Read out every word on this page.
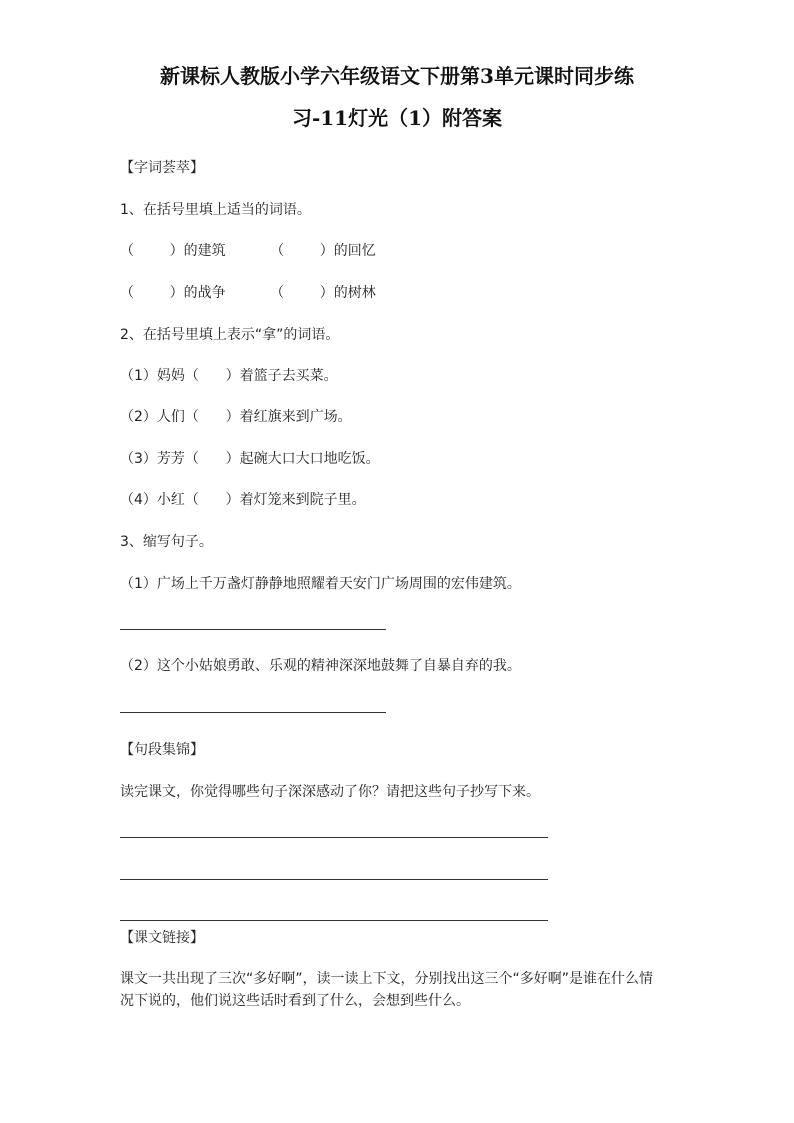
新课标人教版小学六年级语文下册第3单元课时同步练
习-11灯光（1）附答案

【字词荟萃】

1、在括号里填上适当的词语。

（        ）的建筑          （        ）的回忆

（        ）的战争          （        ）的树林

2、在括号里填上表示“拿”的词语。

（1）妈妈（      ）着篮子去买菜。

（2）人们（      ）着红旗来到广场。

（3）芳芳（      ）起碗大口大口地吃饭。

（4）小红（      ）着灯笼来到院子里。

3、缩写句子。

（1）广场上千万盏灯静静地照耀着天安门广场周围的宏伟建筑。

（2）这个小姑娘勇敢、乐观的精神深深地鼓舞了自暴自弃的我。

【句段集锦】

读完课文，你觉得哪些句子深深感动了你？请把这些句子抄写下来。

【课文链接】

课文一共出现了三次“多好啊”，读一读上下文，分别找出这三个“多好啊”是谁在什么情

况下说的，他们说这些话时看到了什么，会想到些什么。
